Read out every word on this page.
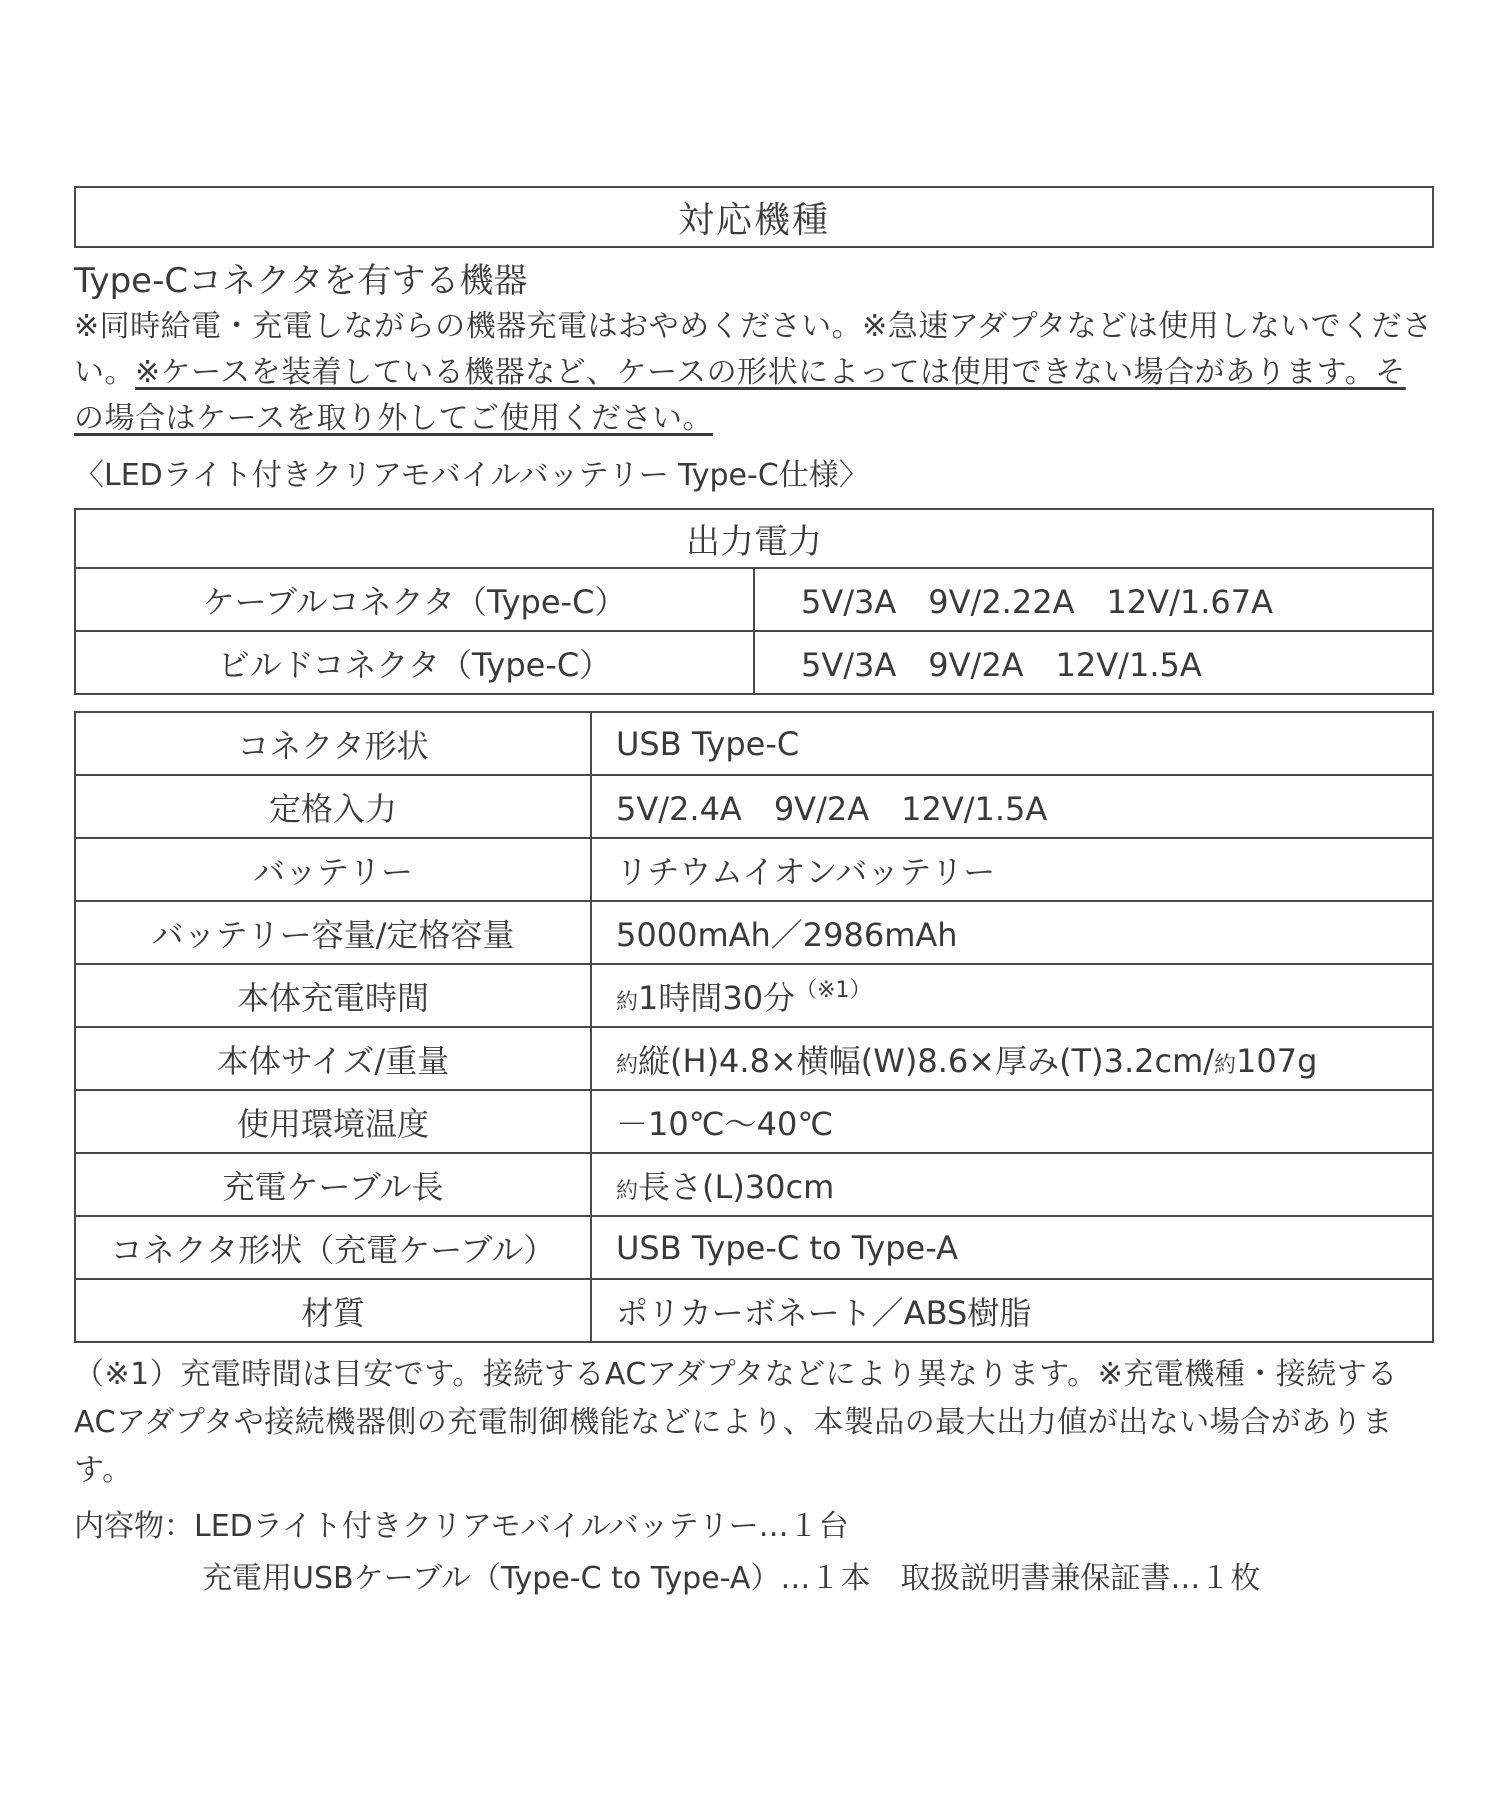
対応機種
Type-Cコネクタを有する機器
※同時給電・充電しながらの機器充電はおやめください。※急速アダプタなどは使用しないでください。※ケースを装着している機器など、ケースの形状によっては使用できない場合があります。その場合はケースを取り外してご使用ください。
〈LEDライト付きクリアモバイルバッテリー Type-C仕様〉
出力電力	
ケーブルコネクタ（Type-C）	5V/3A　9V/2.22A　12V/1.67A
ビルドコネクタ（Type-C）	5V/3A　9V/2A　12V/1.5A
コネクタ形状	USB Type-C
定格入力	5V/2.4A　9V/2A　12V/1.5A
バッテリー	リチウムイオンバッテリー
バッテリー容量/定格容量	5000mAh／2986mAh
本体充電時間	約1時間30分$^{(※1)}$
本体サイズ/重量	約縦(H)4.8×横幅(W)8.6×厚み(T)3.2cm/約107g
使用環境温度	－10℃～40℃
充電ケーブル長	約長さ(L)30cm
コネクタ形状（充電ケーブル）	USB Type-C to Type-A
材質	ポリカーボネート／ABS樹脂
（※1）充電時間は目安です。接続するACアダプタなどにより異なります。※充電機種・接続するACアダプタや接続機器側の充電制御機能などにより、本製品の最大出力値が出ない場合があります。
内容物：LEDライト付きクリアモバイルバッテリー…１台
充電用USBケーブル（Type-C to Type-A）…１本　取扱説明書兼保証書…１枚
